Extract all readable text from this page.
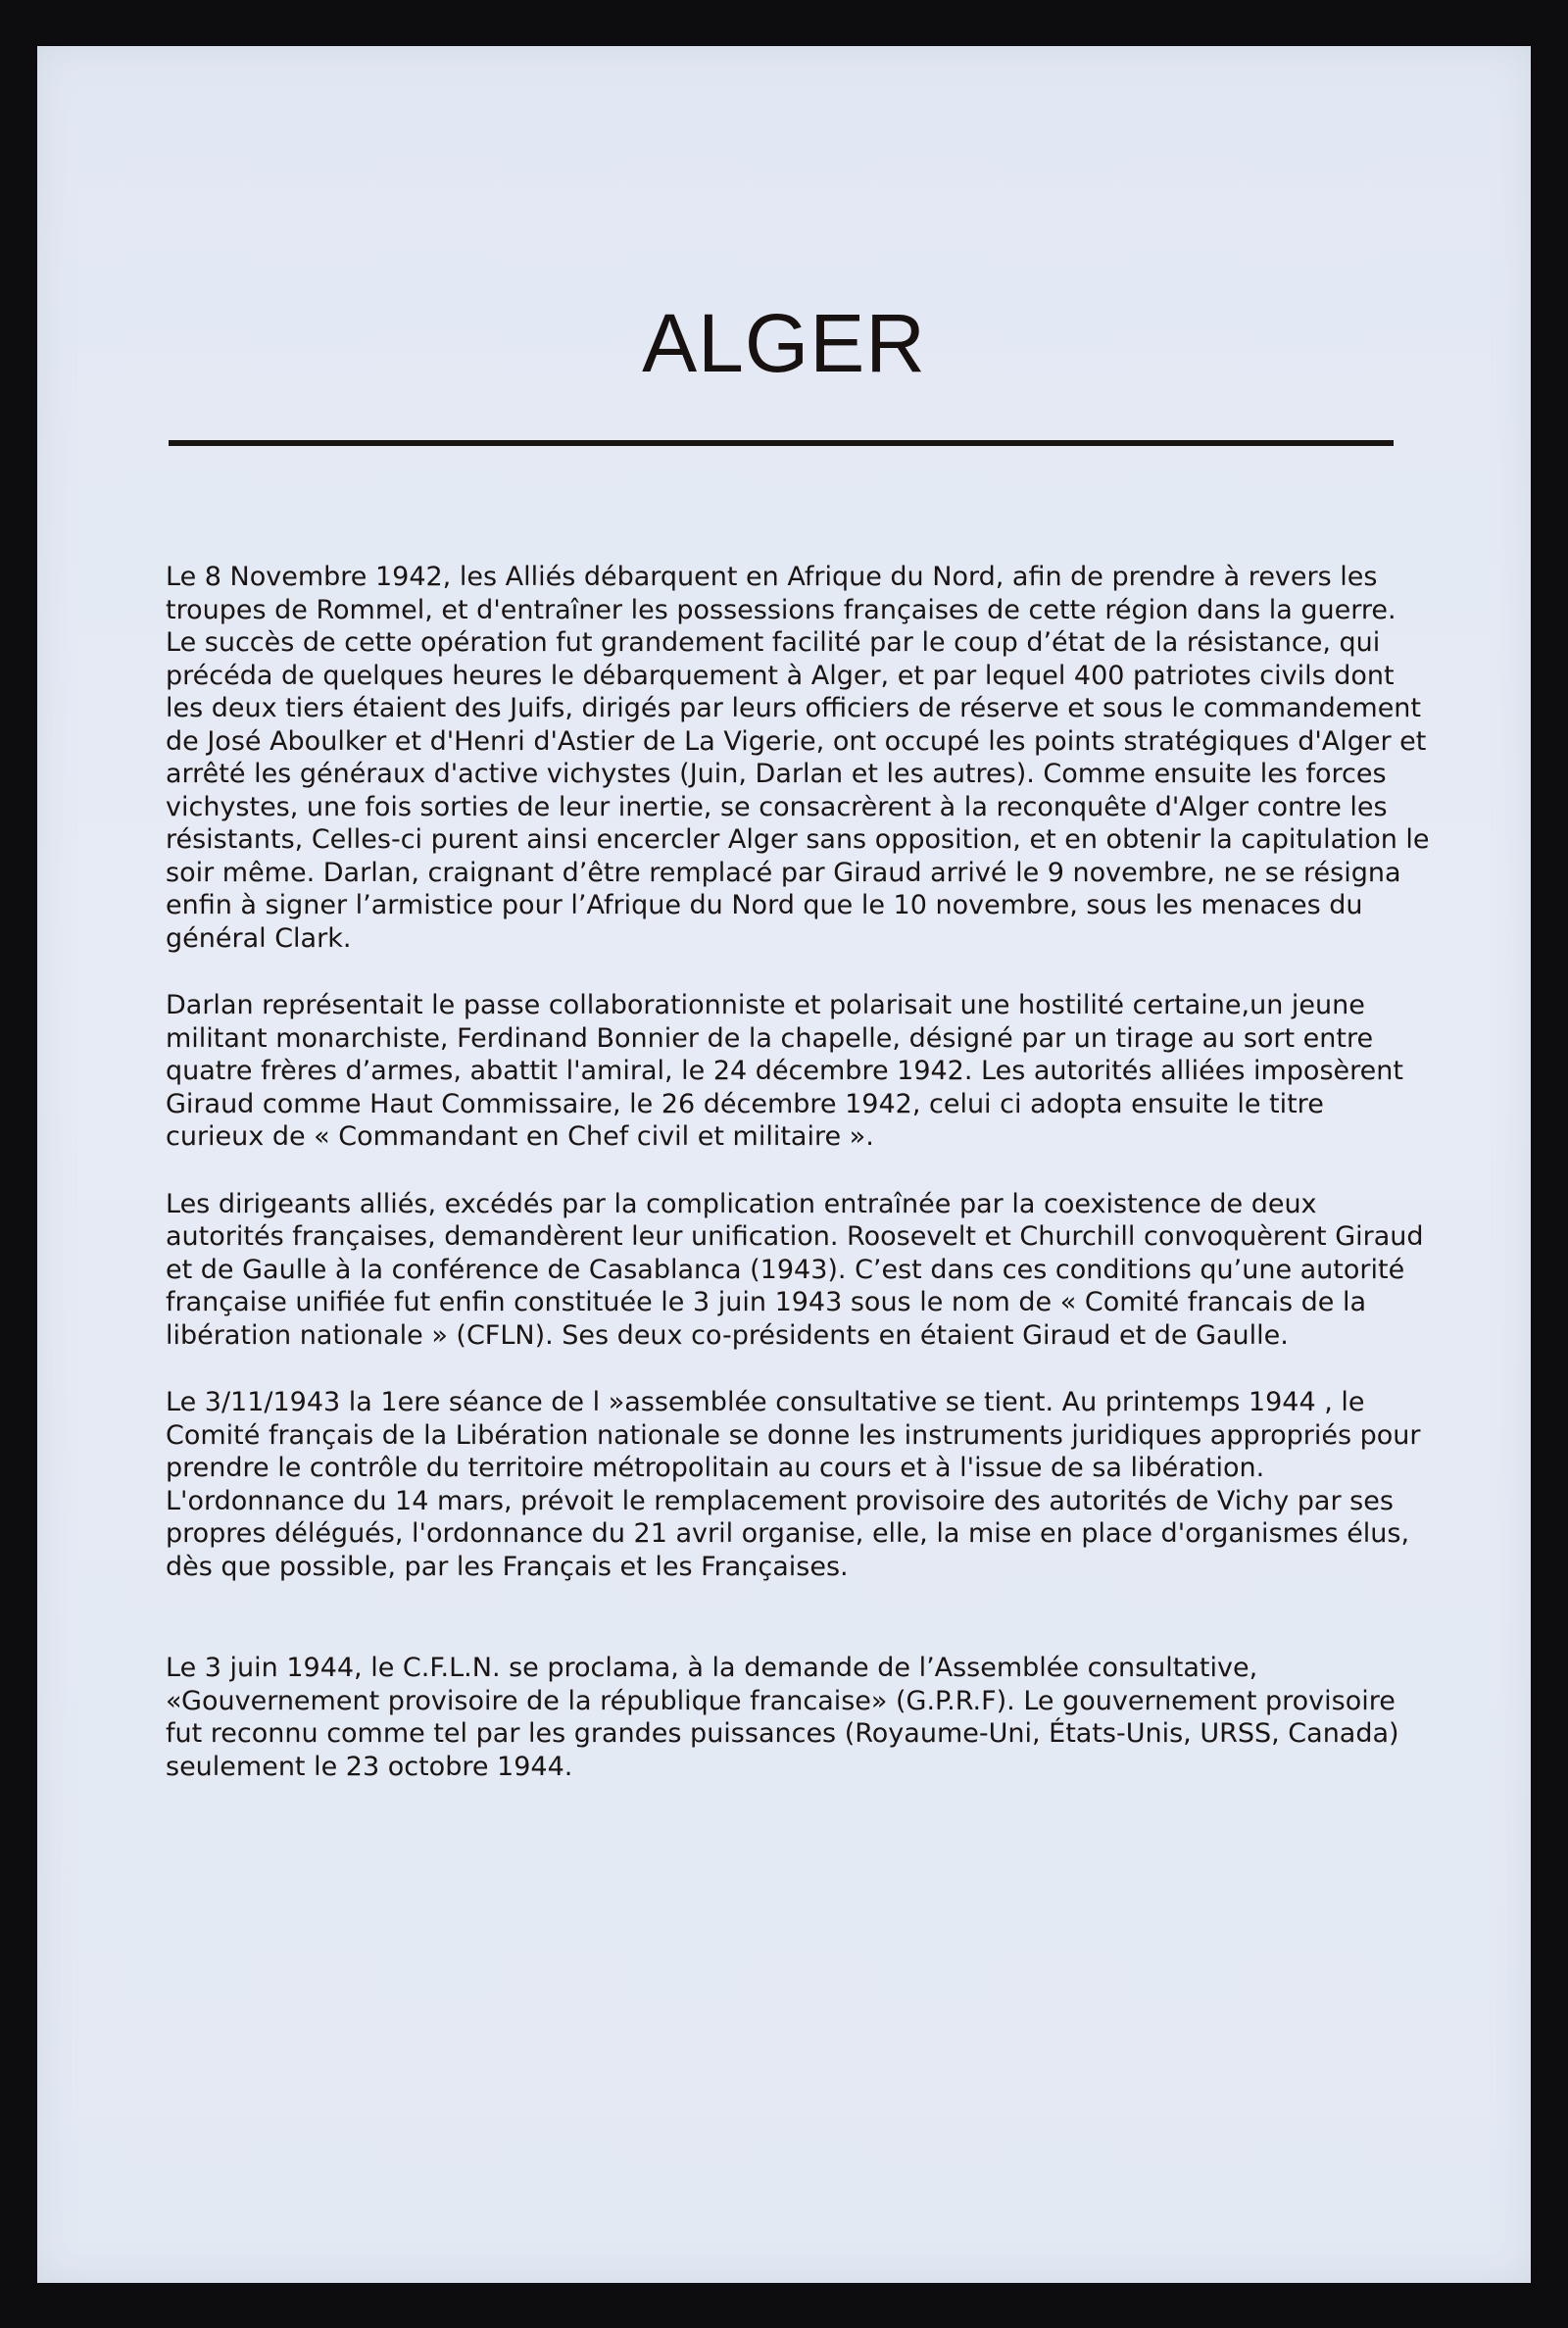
ALGER

Le 8 Novembre 1942, les Alliés débarquent en Afrique du Nord, afin de prendre à revers les troupes de Rommel, et d'entraîner les possessions françaises de cette région dans la guerre. Le succès de cette opération fut grandement facilité par le coup d’état de la résistance, qui précéda de quelques heures le débarquement à Alger, et par lequel 400 patriotes civils dont les deux tiers étaient des Juifs, dirigés par leurs officiers de réserve et sous le commandement de José Aboulker et d'Henri d'Astier de La Vigerie, ont occupé les points stratégiques d'Alger et arrêté les généraux d'active vichystes (Juin, Darlan et les autres). Comme ensuite les forces vichystes, une fois sorties de leur inertie, se consacrèrent à la reconquête d'Alger contre les résistants, Celles-ci purent ainsi encercler Alger sans opposition, et en obtenir la capitulation le soir même. Darlan, craignant d’être remplacé par Giraud arrivé le 9 novembre, ne se résigna enfin à signer l’armistice pour l’Afrique du Nord que le 10 novembre, sous les menaces du général Clark.

Darlan représentait le passe collaborationniste et polarisait une hostilité certaine,un jeune militant monarchiste, Ferdinand Bonnier de la chapelle, désigné par un tirage au sort entre quatre frères d’armes, abattit l'amiral, le 24 décembre 1942. Les autorités alliées imposèrent Giraud comme Haut Commissaire, le 26 décembre 1942, celui ci adopta ensuite le titre curieux de « Commandant en Chef civil et militaire ».

Les dirigeants alliés, excédés par la complication entraînée par la coexistence de deux autorités françaises, demandèrent leur unification. Roosevelt et Churchill convoquèrent Giraud et de Gaulle à la conférence de Casablanca (1943). C’est dans ces conditions qu’une autorité française unifiée fut enfin constituée le 3 juin 1943 sous le nom de « Comité francais de la libération nationale » (CFLN). Ses deux co-présidents en étaient Giraud et de Gaulle.

Le 3/11/1943 la 1ere séance de l »assemblée consultative se tient. Au printemps 1944 , le Comité français de la Libération nationale se donne les instruments juridiques appropriés pour prendre le contrôle du territoire métropolitain au cours et à l'issue de sa libération. L'ordonnance du 14 mars, prévoit le remplacement provisoire des autorités de Vichy par ses propres délégués, l'ordonnance du 21 avril organise, elle, la mise en place d'organismes élus, dès que possible, par les Français et les Françaises.

Le 3 juin 1944, le C.F.L.N. se proclama, à la demande de l’Assemblée consultative, «Gouvernement provisoire de la république francaise» (G.P.R.F). Le gouvernement provisoire fut reconnu comme tel par les grandes puissances (Royaume-Uni, États-Unis, URSS, Canada) seulement le 23 octobre 1944.
